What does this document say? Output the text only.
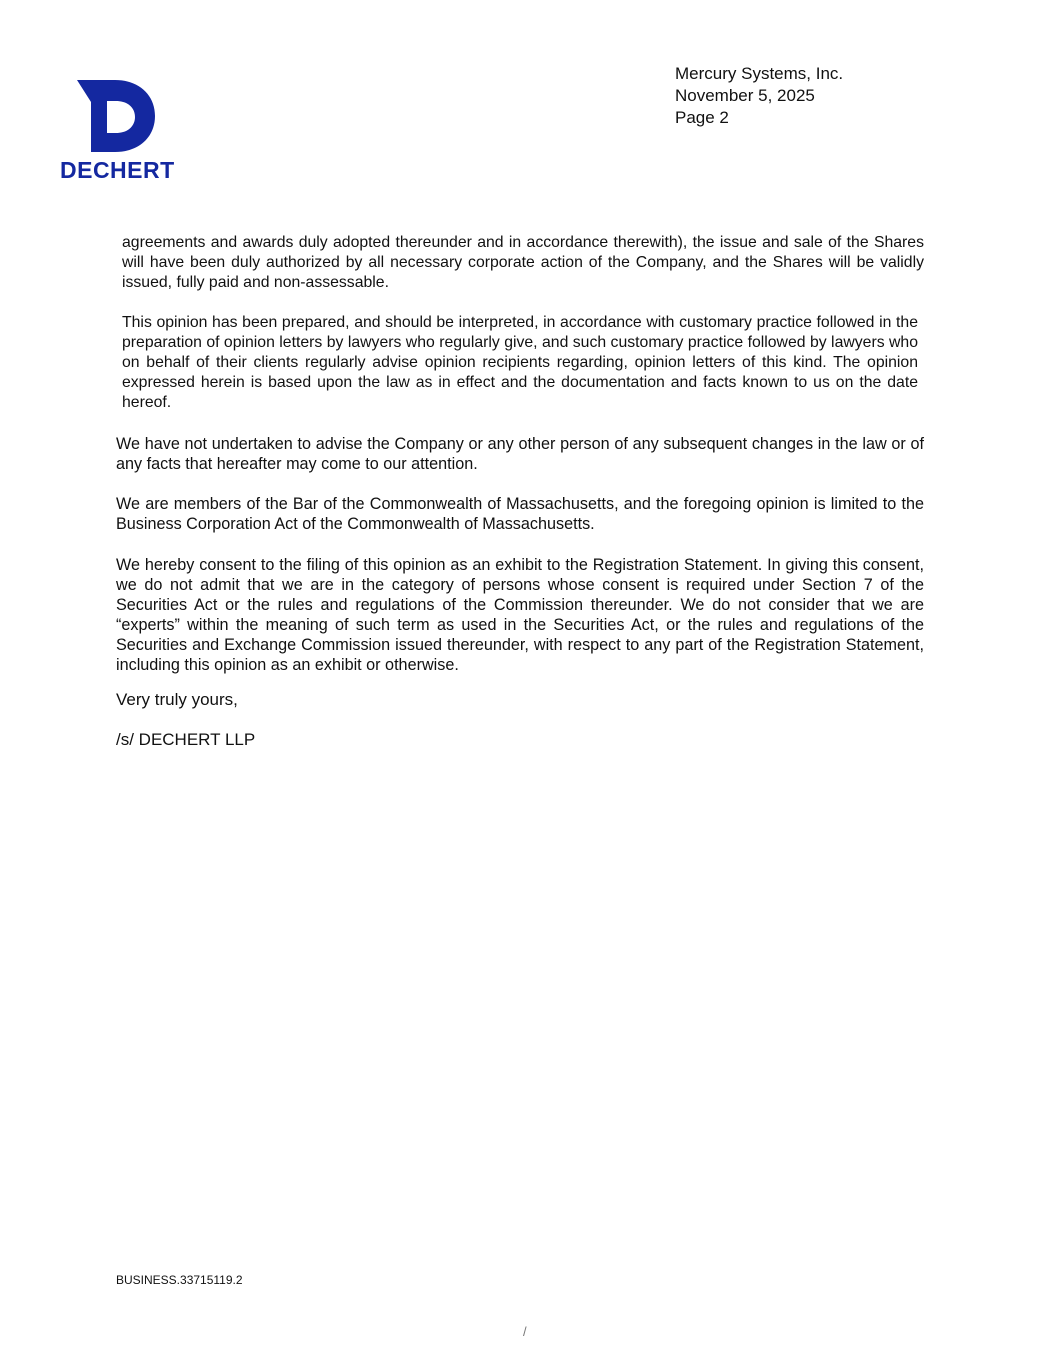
DECHERT
Mercury Systems, Inc.
November 5, 2025
Page 2

agreements and awards duly adopted thereunder and in accordance therewith), the issue and sale of the Shares will have been duly authorized by all necessary corporate action of the Company, and the Shares will be validly issued, fully paid and non-assessable.

This opinion has been prepared, and should be interpreted, in accordance with customary practice followed in the preparation of opinion letters by lawyers who regularly give, and such customary practice followed by lawyers who on behalf of their clients regularly advise opinion recipients regarding, opinion letters of this kind. The opinion expressed herein is based upon the law as in effect and the documentation and facts known to us on the date hereof.

We have not undertaken to advise the Company or any other person of any subsequent changes in the law or of any facts that hereafter may come to our attention.

We are members of the Bar of the Commonwealth of Massachusetts, and the foregoing opinion is limited to the Business Corporation Act of the Commonwealth of Massachusetts.

We hereby consent to the filing of this opinion as an exhibit to the Registration Statement. In giving this consent, we do not admit that we are in the category of persons whose consent is required under Section 7 of the Securities Act or the rules and regulations of the Commission thereunder. We do not consider that we are “experts” within the meaning of such term as used in the Securities Act, or the rules and regulations of the Securities and Exchange Commission issued thereunder, with respect to any part of the Registration Statement, including this opinion as an exhibit or otherwise.

Very truly yours,
/s/ DECHERT LLP
BUSINESS.33715119.2
/
